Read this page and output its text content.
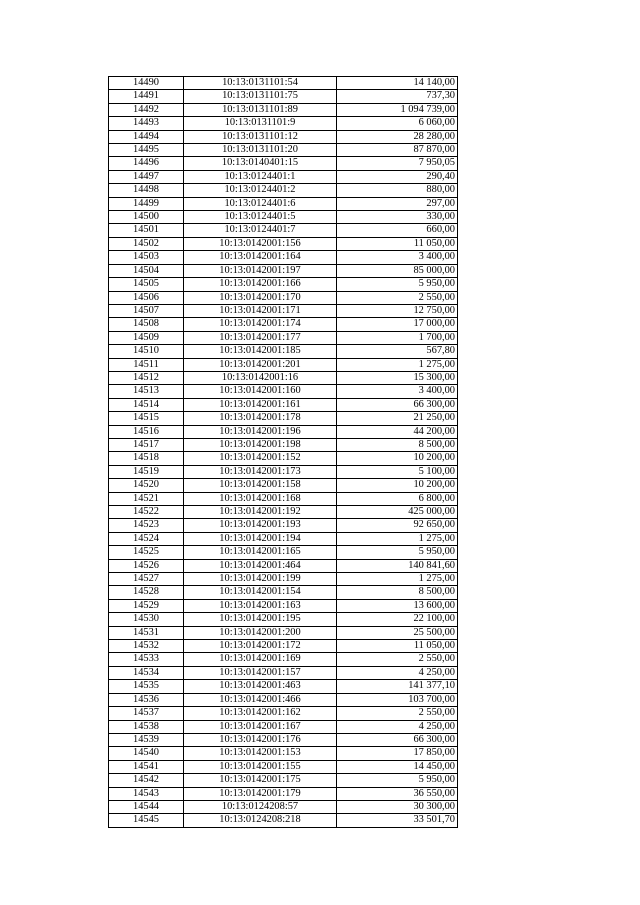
14490	10:13:0131101:54	14 140,00
14491	10:13:0131101:75	737,30
14492	10:13:0131101:89	1 094 739,00
14493	10:13:0131101:9	6 060,00
14494	10:13:0131101:12	28 280,00
14495	10:13:0131101:20	87 870,00
14496	10:13:0140401:15	7 950,05
14497	10:13:0124401:1	290,40
14498	10:13:0124401:2	880,00
14499	10:13:0124401:6	297,00
14500	10:13:0124401:5	330,00
14501	10:13:0124401:7	660,00
14502	10:13:0142001:156	11 050,00
14503	10:13:0142001:164	3 400,00
14504	10:13:0142001:197	85 000,00
14505	10:13:0142001:166	5 950,00
14506	10:13:0142001:170	2 550,00
14507	10:13:0142001:171	12 750,00
14508	10:13:0142001:174	17 000,00
14509	10:13:0142001:177	1 700,00
14510	10:13:0142001:185	567,80
14511	10:13:0142001:201	1 275,00
14512	10:13:0142001:16	15 300,00
14513	10:13:0142001:160	3 400,00
14514	10:13:0142001:161	66 300,00
14515	10:13:0142001:178	21 250,00
14516	10:13:0142001:196	44 200,00
14517	10:13:0142001:198	8 500,00
14518	10:13:0142001:152	10 200,00
14519	10:13:0142001:173	5 100,00
14520	10:13:0142001:158	10 200,00
14521	10:13:0142001:168	6 800,00
14522	10:13:0142001:192	425 000,00
14523	10:13:0142001:193	92 650,00
14524	10:13:0142001:194	1 275,00
14525	10:13:0142001:165	5 950,00
14526	10:13:0142001:464	140 841,60
14527	10:13:0142001:199	1 275,00
14528	10:13:0142001:154	8 500,00
14529	10:13:0142001:163	13 600,00
14530	10:13:0142001:195	22 100,00
14531	10:13:0142001:200	25 500,00
14532	10:13:0142001:172	11 050,00
14533	10:13:0142001:169	2 550,00
14534	10:13:0142001:157	4 250,00
14535	10:13:0142001:463	141 377,10
14536	10:13:0142001:466	103 700,00
14537	10:13:0142001:162	2 550,00
14538	10:13:0142001:167	4 250,00
14539	10:13:0142001:176	66 300,00
14540	10:13:0142001:153	17 850,00
14541	10:13:0142001:155	14 450,00
14542	10:13:0142001:175	5 950,00
14543	10:13:0142001:179	36 550,00
14544	10:13:0124208:57	30 300,00
14545	10:13:0124208:218	33 501,70
